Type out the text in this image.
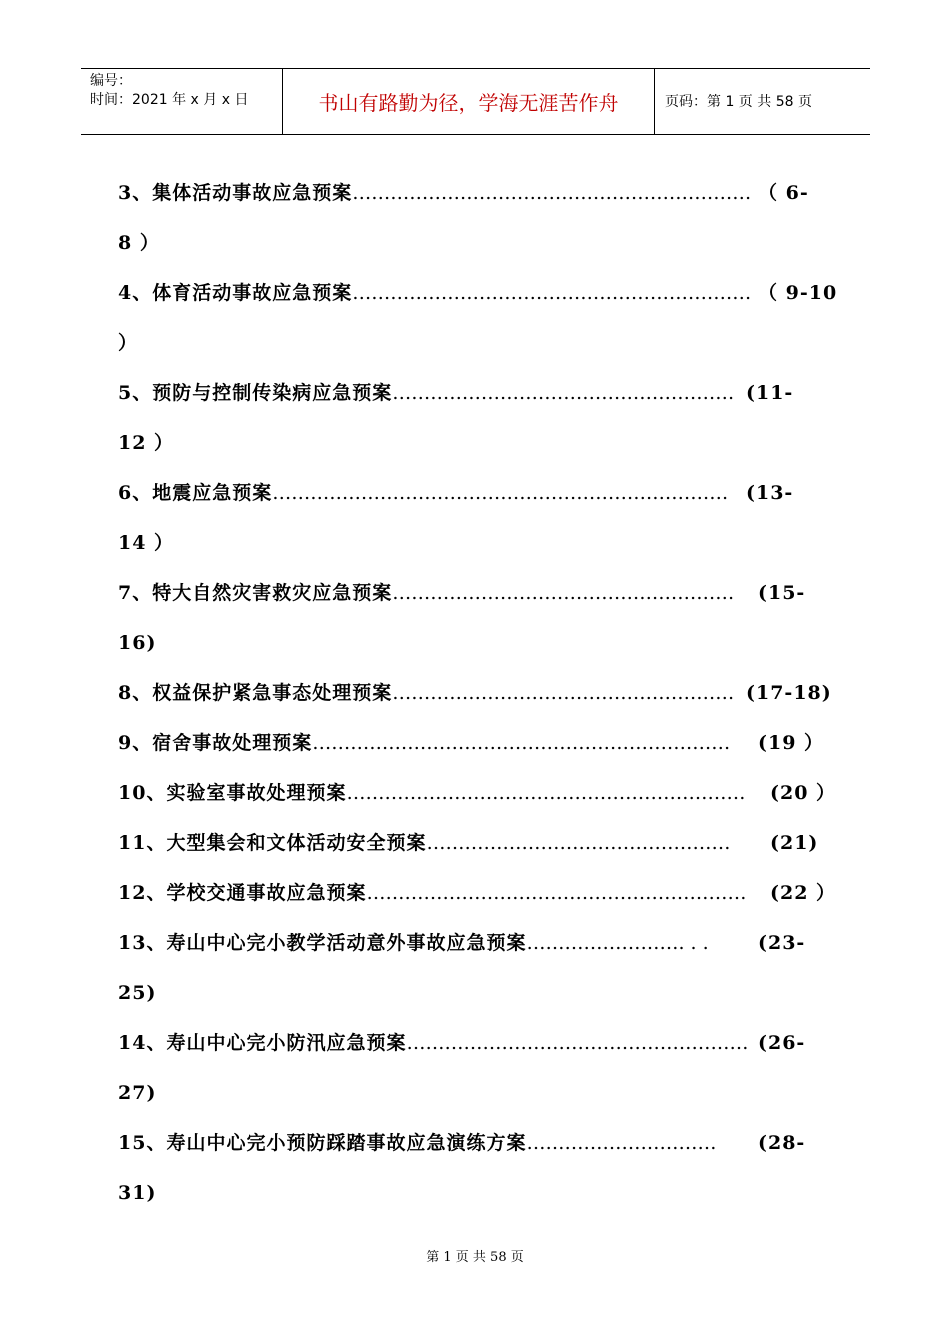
编号：
时间：2021 年 x 月 x 日	书山有路勤为径，学海无涯苦作舟	页码：第 1 页 共 58 页
3、集体活动事故应急预案……………………………………………………… （ 6-
8 ）
4、体育活动事故应急预案……………………………………………………… （ 9-10
）
5、预防与控制传染病应急预案……………………………………………… (11-
12 ）
6、地震应急预案……………………………………………………………… (13-
14 ）
7、特大自然灾害救灾应急预案……………………………………………… (15-
16)
8、权益保护紧急事态处理预案……………………………………………… (17-18)
9、宿舍事故处理预案………………………………………………………… (19 ）
10、实验室事故处理预案……………………………………………………… (20 ）
11、大型集会和文体活动安全预案………………………………………… (21)
12、学校交通事故应急预案…………………………………………………… (22 ）
13、寿山中心完小教学活动意外事故应急预案……………………. . .	(23-
25)
14、寿山中心完小防汛应急预案……………………………………………… (26-
27)
15、寿山中心完小预防踩踏事故应急演练方案………………………… (28-
31)
第 1 页 共 58 页
